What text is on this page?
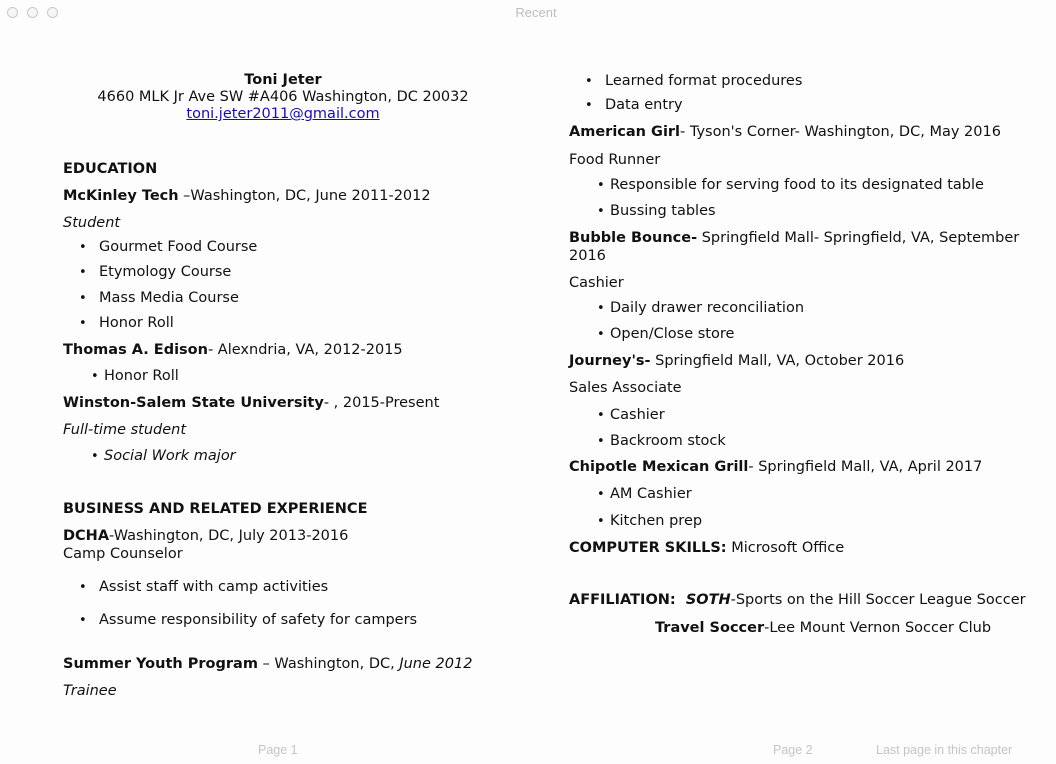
Recent
Toni Jeter
4660 MLK Jr Ave SW #A406 Washington, DC 20032
toni.jeter2011@gmail.com
EDUCATION
McKinley Tech –Washington, DC, June 2011-2012
Student
• Gourmet Food Course
• Etymology Course
• Mass Media Course
• Honor Roll
Thomas A. Edison- Alexndria, VA, 2012-2015
• Honor Roll
Winston-Salem State University- , 2015-Present
Full-time student
• Social Work major
BUSINESS AND RELATED EXPERIENCE
DCHA-Washington, DC, July 2013-2016
Camp Counselor
• Assist staff with camp activities
• Assume responsibility of safety for campers
Summer Youth Program – Washington, DC, June 2012
Trainee
• Learned format procedures
• Data entry
American Girl- Tyson's Corner- Washington, DC, May 2016
Food Runner
• Responsible for serving food to its designated table
• Bussing tables
Bubble Bounce- Springfield Mall- Springfield, VA, September
2016
Cashier
• Daily drawer reconciliation
• Open/Close store
Journey's- Springfield Mall, VA, October 2016
Sales Associate
• Cashier
• Backroom stock
Chipotle Mexican Grill- Springfield Mall, VA, April 2017
• AM Cashier
• Kitchen prep
COMPUTER SKILLS: Microsoft Office
AFFILIATION:  SOTH-Sports on the Hill Soccer League Soccer
Travel Soccer-Lee Mount Vernon Soccer Club
Page 1	Page 2	Last page in this chapter
